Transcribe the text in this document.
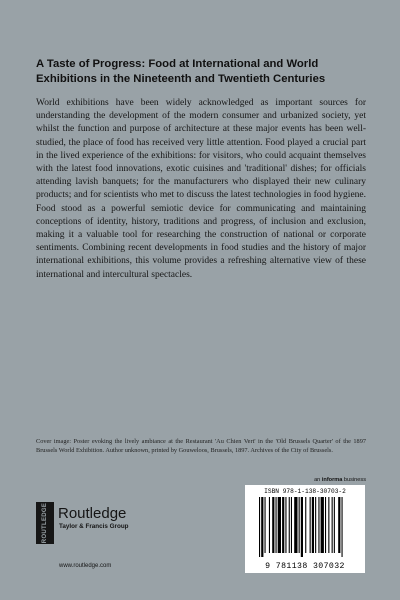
A Taste of Progress: Food at International and World Exhibitions in the Nineteenth and Twentieth Centuries
World exhibitions have been widely acknowledged as important sources for understanding the development of the modern consumer and urbanized society, yet whilst the function and purpose of architecture at these major events has been well-studied, the place of food has received very little attention. Food played a crucial part in the lived experience of the exhibitions: for visitors, who could acquaint themselves with the latest food innovations, exotic cuisines and 'traditional' dishes; for officials attending lavish banquets; for the manufacturers who displayed their new culinary products; and for scientists who met to discuss the latest technologies in food hygiene. Food stood as a powerful semiotic device for communicating and maintaining conceptions of identity, history, traditions and progress, of inclusion and exclusion, making it a valuable tool for researching the construction of national or corporate sentiments. Combining recent developments in food studies and the history of major international exhibitions, this volume provides a refreshing alternative view of these international and intercultural spectacles.
Cover image: Poster evoking the lively ambiance at the Restaurant 'Au Chien Vert' in the 'Old Brussels Quarter' of the 1897 Brussels World Exhibition. Author unknown, printed by Gouweloos, Brussels, 1897. Archives of the City of Brussels.
an informa business
ISBN 978-1-138-30703-2
9 781138 307032
ROUTLEDGE Routledge
Taylor & Francis Group
www.routledge.com
